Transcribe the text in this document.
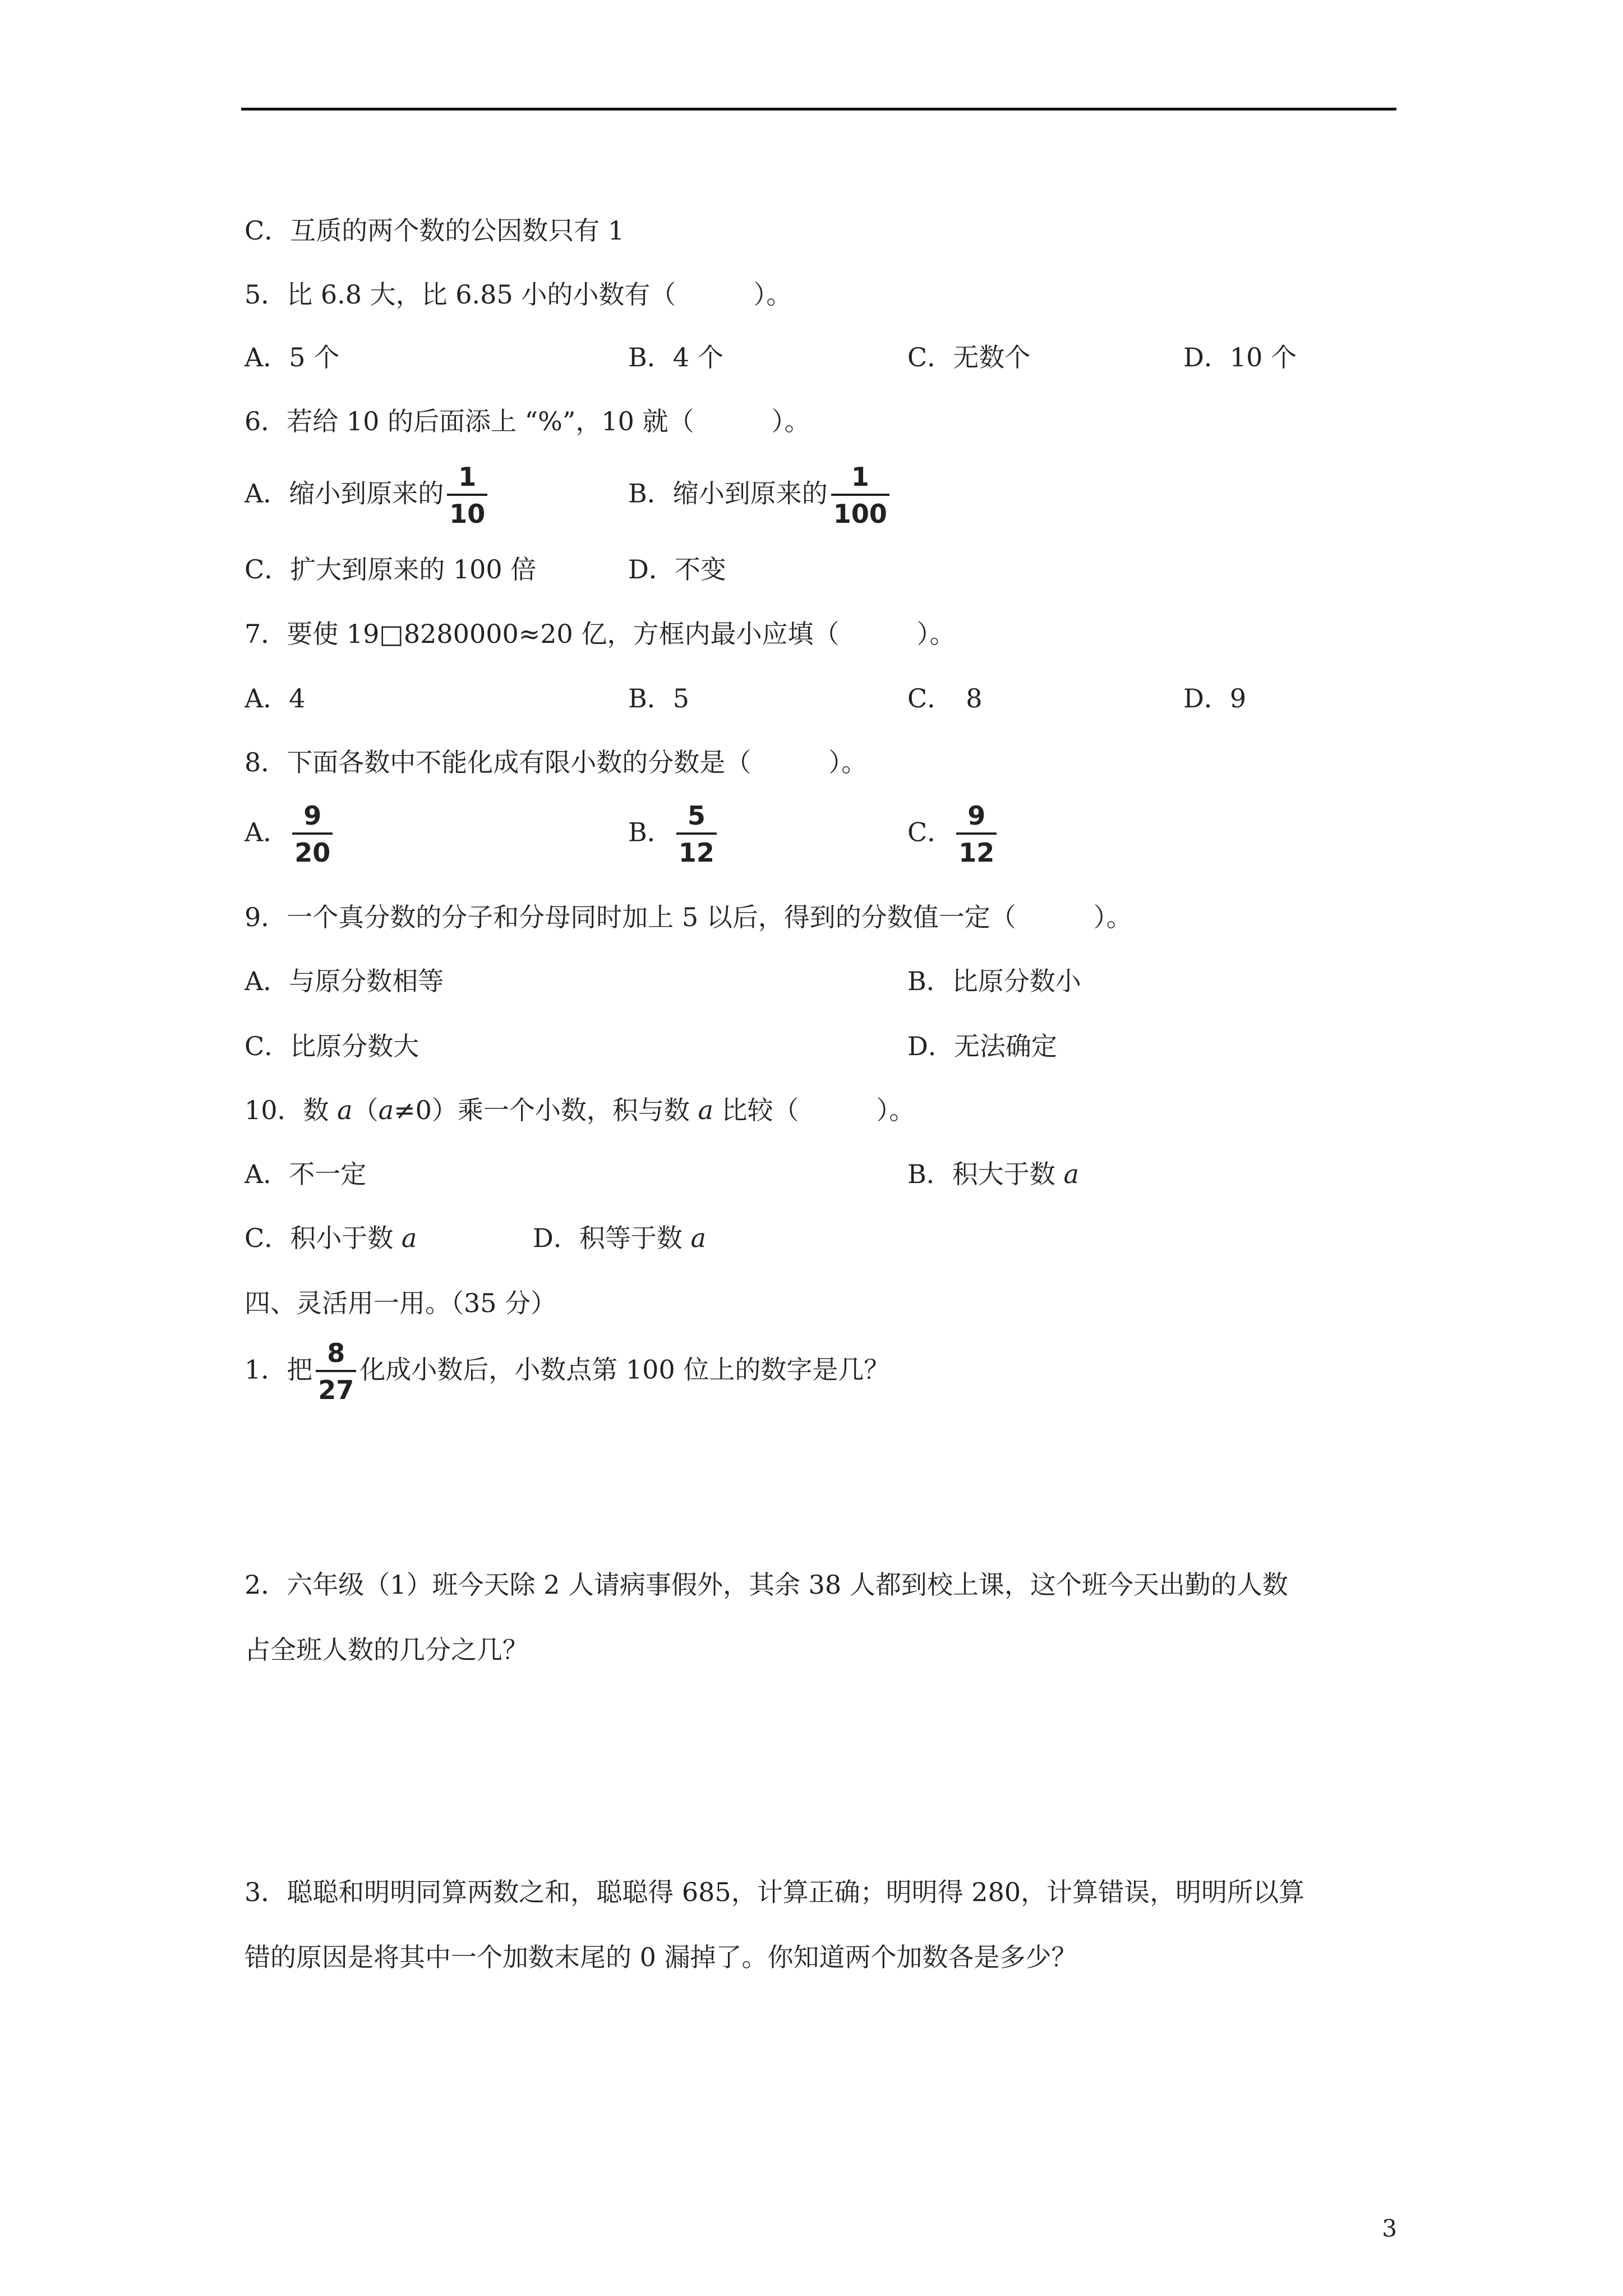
C．互质的两个数的公因数只有 1
5．比 6.8 大，比 6.85 小的小数有（　　　）。
A．5 个	B．4 个	C．无数个	D．10 个
6．若给 10 的后面添上 “%”，10 就（　　　）。
A．缩小到原来的 $\frac{1}{10}$	B．缩小到原来的 $\frac{1}{100}$
C．扩大到原来的 100 倍	D．不变
7．要使 19□8280000≈20 亿，方框内最小应填（　　　）。
A．4	B．5	C．　8	D．9
8．下面各数中不能化成有限小数的分数是（　　　）。
A． $\frac{9}{20}$	B． $\frac{5}{12}$	C． $\frac{9}{12}$
9．一个真分数的分子和分母同时加上 5 以后，得到的分数值一定（　　　）。
A．与原分数相等	B．比原分数小
C．比原分数大	D．无法确定
10．数 a（a≠0）乘一个小数，积与数 a 比较（　　　）。
A．不一定	B．积大于数 a
C．积小于数 a	D．积等于数 a
四、灵活用一用。（35 分）
1．把 $\frac{8}{27}$ 化成小数后，小数点第 100 位上的数字是几？
2．六年级（1）班今天除 2 人请病事假外，其余 38 人都到校上课，这个班今天出勤的人数
占全班人数的几分之几？
3．聪聪和明明同算两数之和，聪聪得 685，计算正确；明明得 280，计算错误，明明所以算
错的原因是将其中一个加数末尾的 0 漏掉了。你知道两个加数各是多少？
3
